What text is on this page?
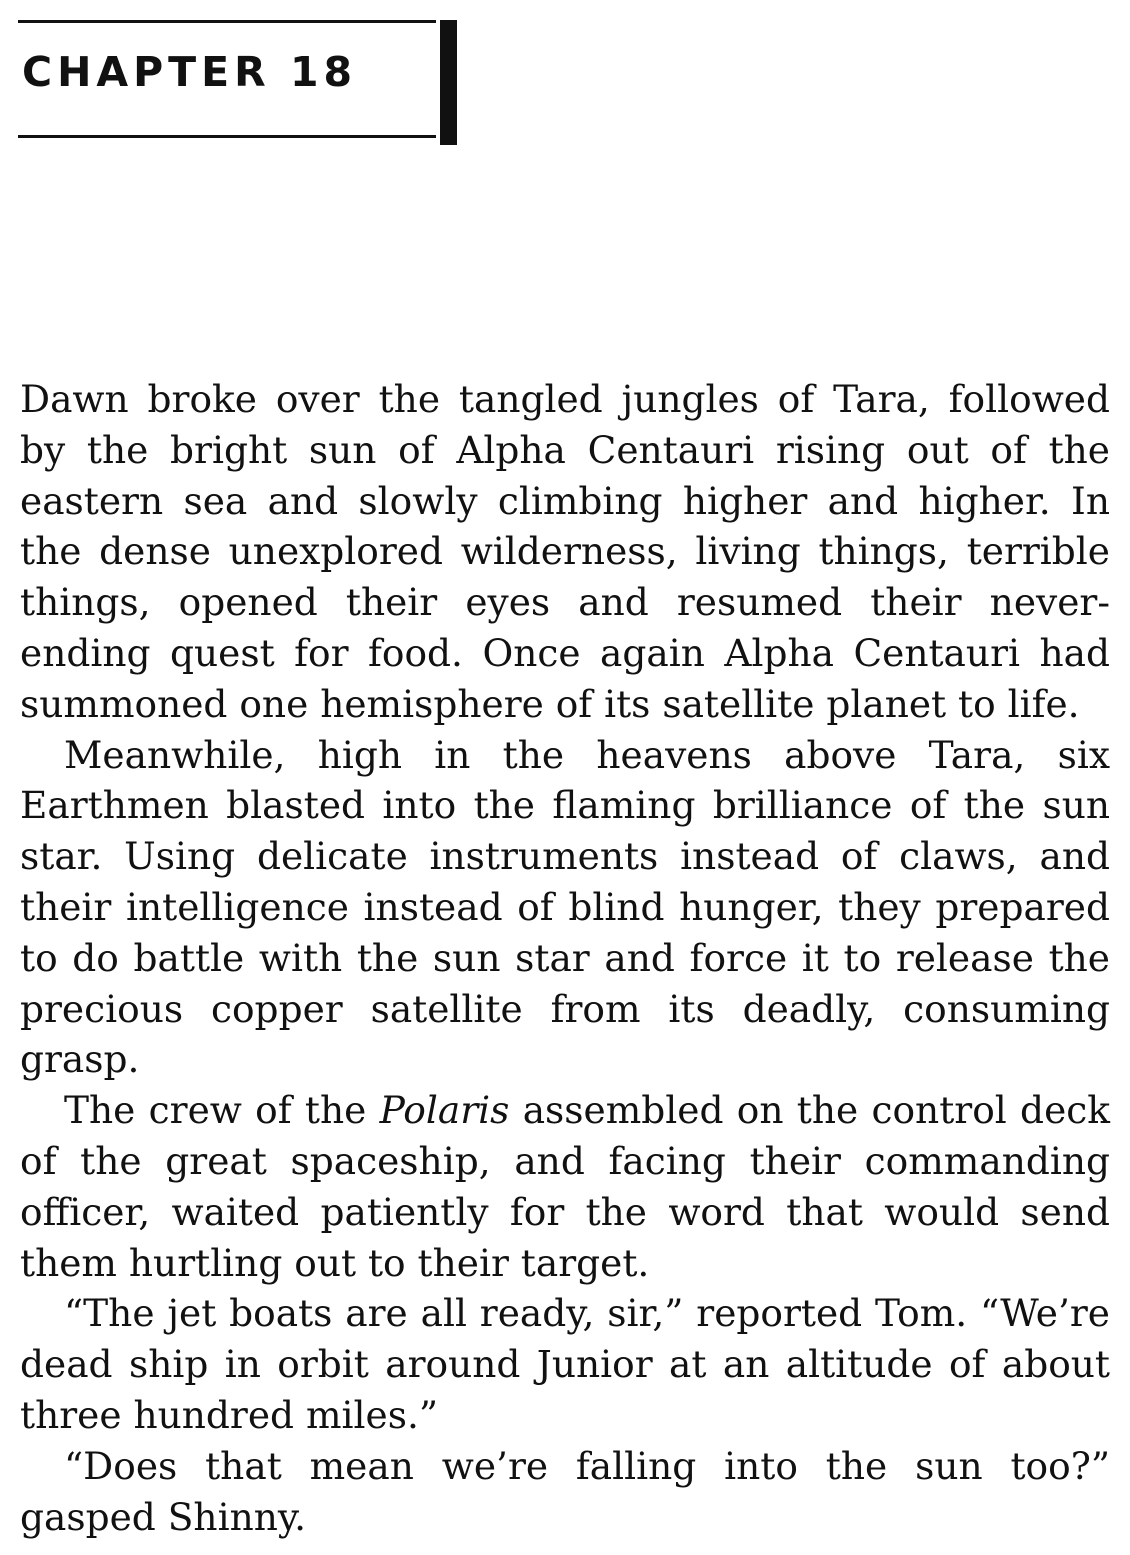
CHAPTER 18

Dawn broke over the tangled jungles of Tara, followed by the bright sun of Alpha Centauri rising out of the eastern sea and slowly climbing higher and higher. In the dense unexplored wilderness, living things, terrible things, opened their eyes and resumed their never-ending quest for food. Once again Alpha Centauri had summoned one hemisphere of its satellite planet to life.

Meanwhile, high in the heavens above Tara, six Earthmen blasted into the flaming brilliance of the sun star. Using delicate instruments instead of claws, and their intelligence instead of blind hunger, they prepared to do battle with the sun star and force it to release the precious copper satellite from its deadly, consuming grasp.

The crew of the Polaris assembled on the control deck of the great spaceship, and facing their commanding officer, waited patiently for the word that would send them hurtling out to their target.

“The jet boats are all ready, sir,” reported Tom. “We’re dead ship in orbit around Junior at an altitude of about three hundred miles.”

“Does that mean we’re falling into the sun too?” gasped Shinny.
